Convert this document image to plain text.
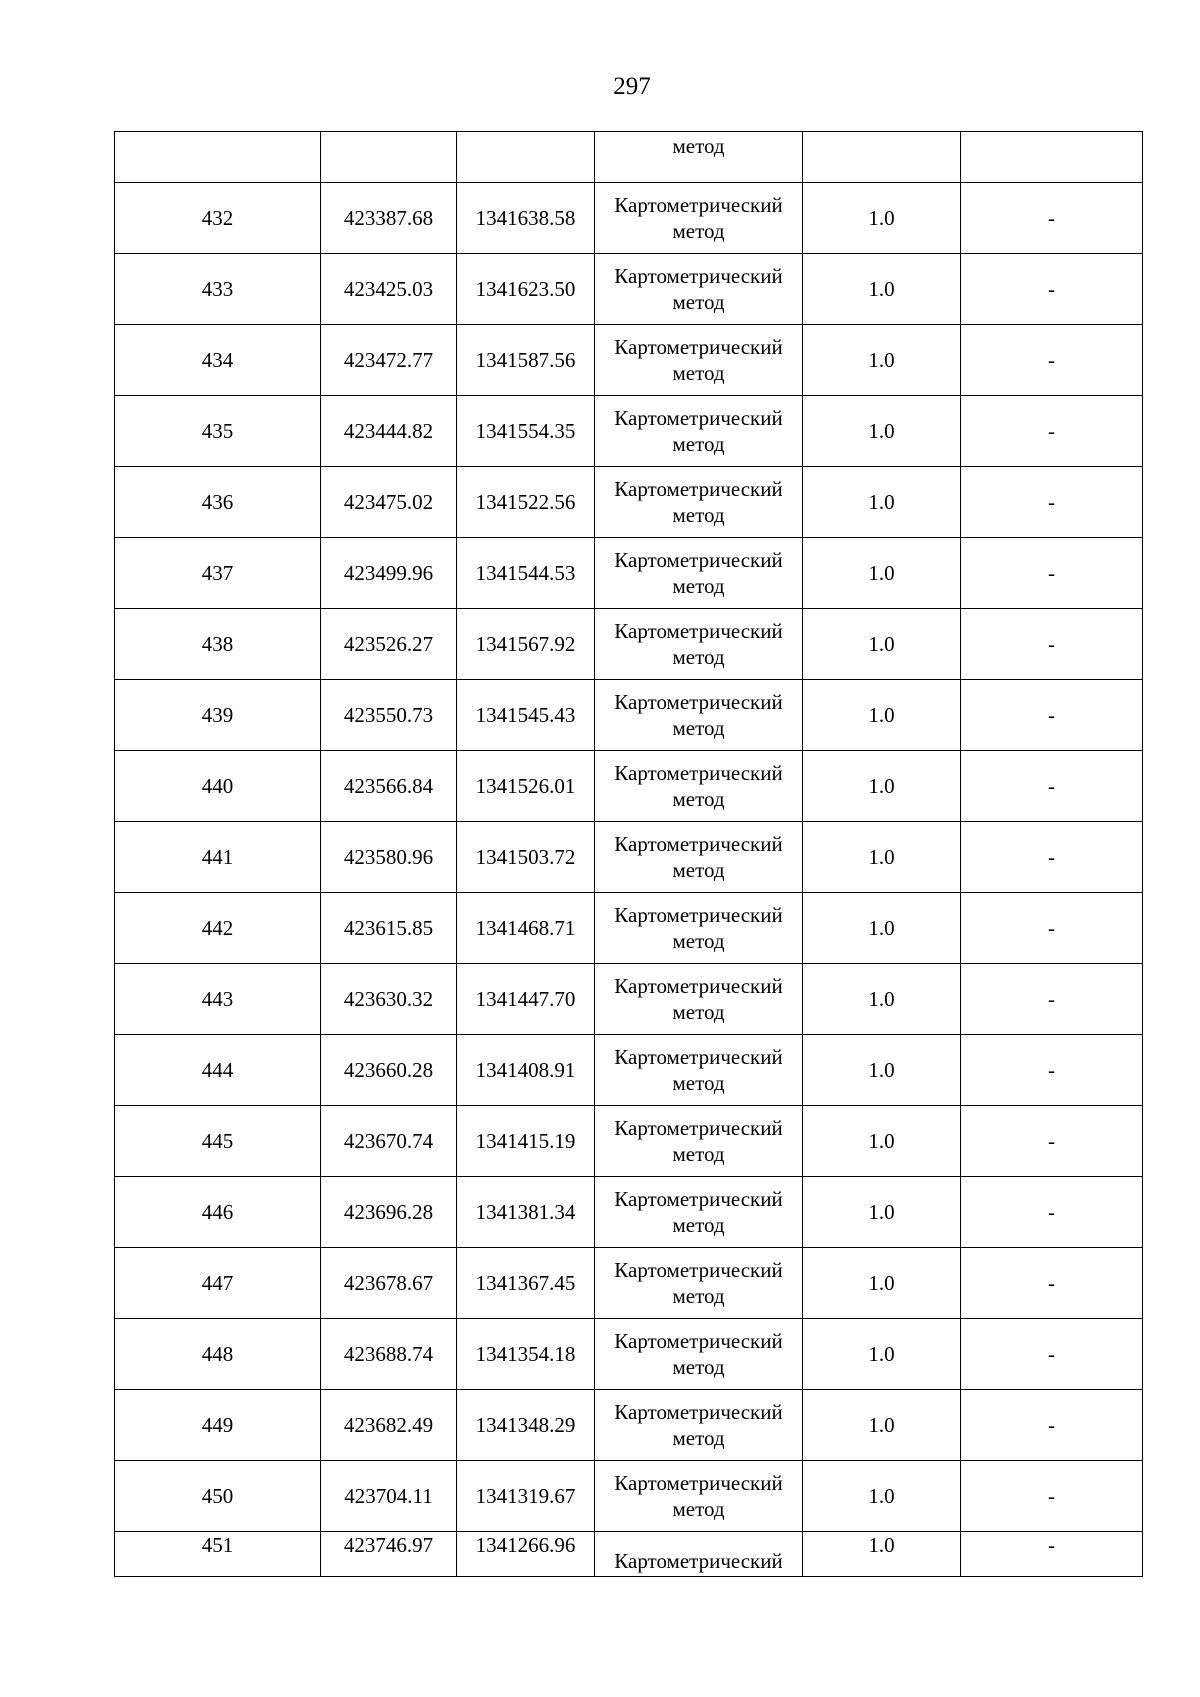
297
			метод		
432	423387.68	1341638.58	Картометрический
метод	1.0	-
433	423425.03	1341623.50	Картометрический
метод	1.0	-
434	423472.77	1341587.56	Картометрический
метод	1.0	-
435	423444.82	1341554.35	Картометрический
метод	1.0	-
436	423475.02	1341522.56	Картометрический
метод	1.0	-
437	423499.96	1341544.53	Картометрический
метод	1.0	-
438	423526.27	1341567.92	Картометрический
метод	1.0	-
439	423550.73	1341545.43	Картометрический
метод	1.0	-
440	423566.84	1341526.01	Картометрический
метод	1.0	-
441	423580.96	1341503.72	Картометрический
метод	1.0	-
442	423615.85	1341468.71	Картометрический
метод	1.0	-
443	423630.32	1341447.70	Картометрический
метод	1.0	-
444	423660.28	1341408.91	Картометрический
метод	1.0	-
445	423670.74	1341415.19	Картометрический
метод	1.0	-
446	423696.28	1341381.34	Картометрический
метод	1.0	-
447	423678.67	1341367.45	Картометрический
метод	1.0	-
448	423688.74	1341354.18	Картометрический
метод	1.0	-
449	423682.49	1341348.29	Картометрический
метод	1.0	-
450	423704.11	1341319.67	Картометрический
метод	1.0	-
451	423746.97	1341266.96	Картометрический	1.0	-
